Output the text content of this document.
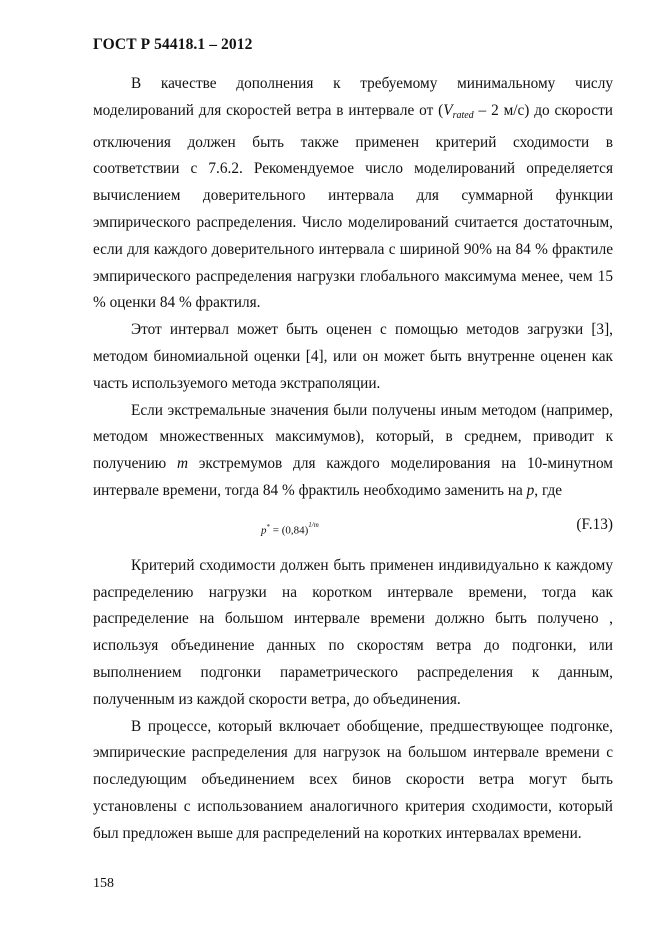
ГОСТ Р 54418.1 – 2012

В качестве дополнения к требуемому минимальному числу моделирований для скоростей ветра в интервале от ($V_{rated} - 2$ м/с) до скорости отключения должен быть также применен критерий сходимости в соответствии с 7.6.2. Рекомендуемое число моделирований определяется вычислением доверительного интервала для суммарной функции эмпирического распределения. Число моделирований считается достаточным, если для каждого доверительного интервала с шириной 90% на 84 % фрактиле эмпирического распределения нагрузки глобального максимума менее, чем 15 % оценки 84 % фрактиля.

Этот интервал может быть оценен с помощью методов загрузки [3], методом биномиальной оценки [4], или он может быть внутренне оценен как часть используемого метода экстраполяции.

Если экстремальные значения были получены иным методом (например, методом множественных максимумов), который, в среднем, приводит к получению m экстремумов для каждого моделирования на 10-минутном интервале времени, тогда 84 % фрактиль необходимо заменить на p, где

$p^* = (0,84)^{1/m}$	(F.13)

Критерий сходимости должен быть применен индивидуально к каждому распределению нагрузки на коротком интервале времени, тогда как распределение на большом интервале времени должно быть получено , используя объединение данных по скоростям ветра до подгонки, или выполнением подгонки параметрического распределения к данным, полученным из каждой скорости ветра, до объединения.

В процессе, который включает обобщение, предшествующее подгонке, эмпирические распределения для нагрузок на большом интервале времени с последующим объединением всех бинов скорости ветра могут быть установлены с использованием аналогичного критерия сходимости, который был предложен выше для распределений на коротких интервалах времени.

158
